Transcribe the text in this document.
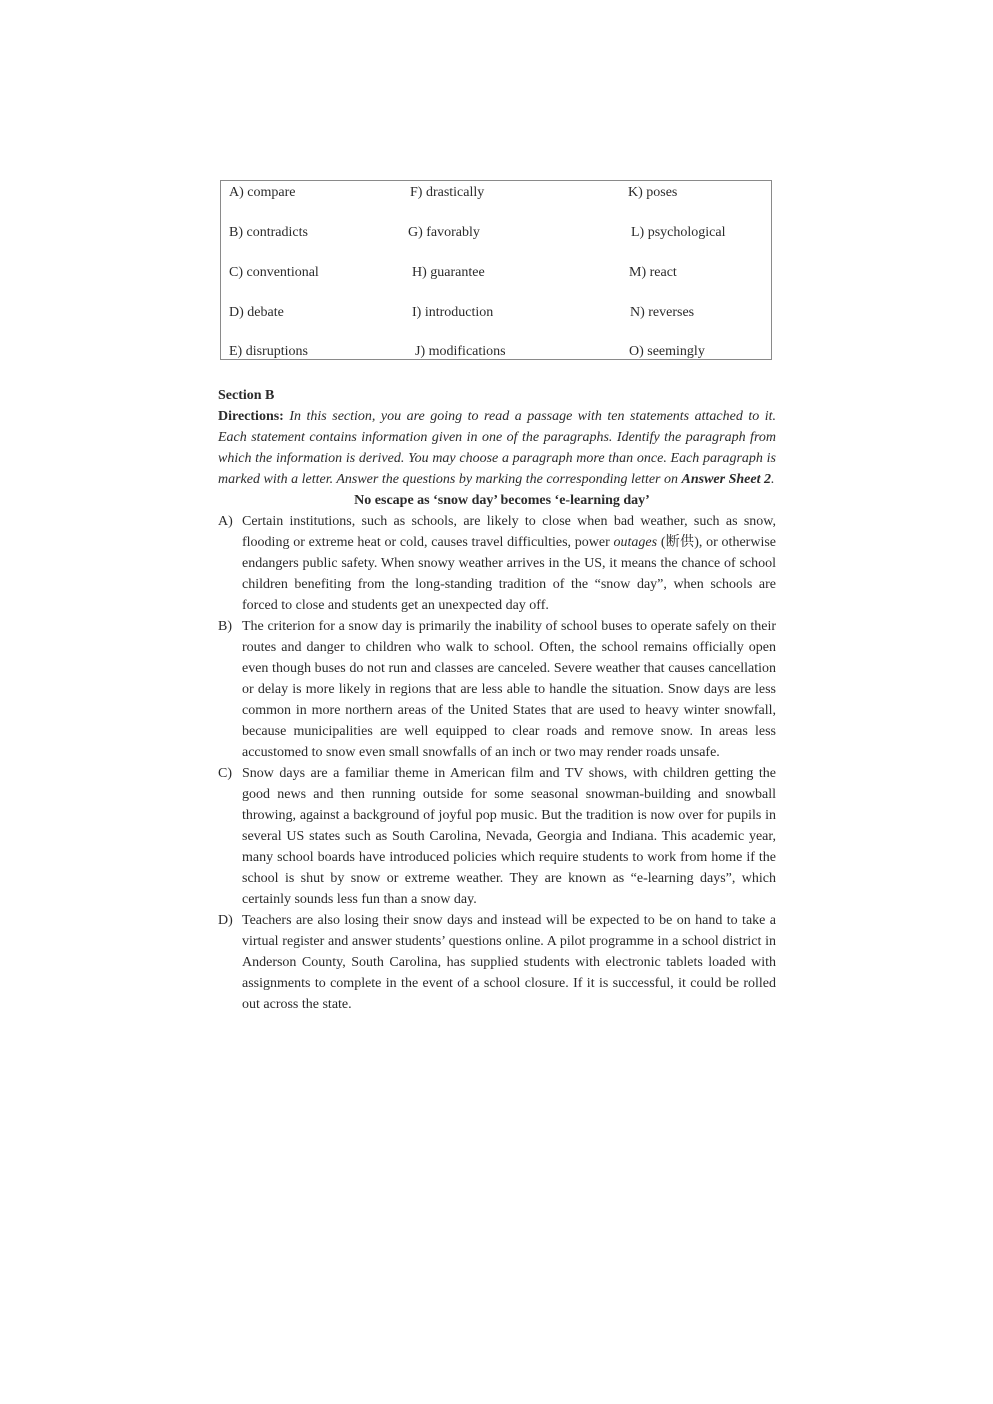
A) compare
B) contradicts
C) conventional
D) debate
E) disruptions
F) drastically
G) favorably
H) guarantee
I) introduction
J) modifications
K) poses
L) psychological
M) react
N) reverses
O) seemingly
Section B
Directions: In this section, you are going to read a passage with ten statements attached to it. Each statement contains information given in one of the paragraphs. Identify the paragraph from which the information is derived. You may choose a paragraph more than once. Each paragraph is marked with a letter. Answer the questions by marking the corresponding letter on Answer Sheet 2.
No escape as ‘snow day’ becomes ‘e-learning day’
A) Certain institutions, such as schools, are likely to close when bad weather, such as snow, flooding or extreme heat or cold, causes travel difficulties, power outages (断供), or otherwise endangers public safety. When snowy weather arrives in the US, it means the chance of school children benefiting from the long-standing tradition of the “snow day”, when schools are forced to close and students get an unexpected day off.
B) The criterion for a snow day is primarily the inability of school buses to operate safely on their routes and danger to children who walk to school. Often, the school remains officially open even though buses do not run and classes are canceled. Severe weather that causes cancellation or delay is more likely in regions that are less able to handle the situation. Snow days are less common in more northern areas of the United States that are used to heavy winter snowfall, because municipalities are well equipped to clear roads and remove snow. In areas less accustomed to snow even small snowfalls of an inch or two may render roads unsafe.
C) Snow days are a familiar theme in American film and TV shows, with children getting the good news and then running outside for some seasonal snowman-building and snowball throwing, against a background of joyful pop music. But the tradition is now over for pupils in several US states such as South Carolina, Nevada, Georgia and Indiana. This academic year, many school boards have introduced policies which require students to work from home if the school is shut by snow or extreme weather. They are known as “e-learning days”, which certainly sounds less fun than a snow day.
D) Teachers are also losing their snow days and instead will be expected to be on hand to take a virtual register and answer students’ questions online. A pilot programme in a school district in Anderson County, South Carolina, has supplied students with electronic tablets loaded with assignments to complete in the event of a school closure. If it is successful, it could be rolled out across the state.
